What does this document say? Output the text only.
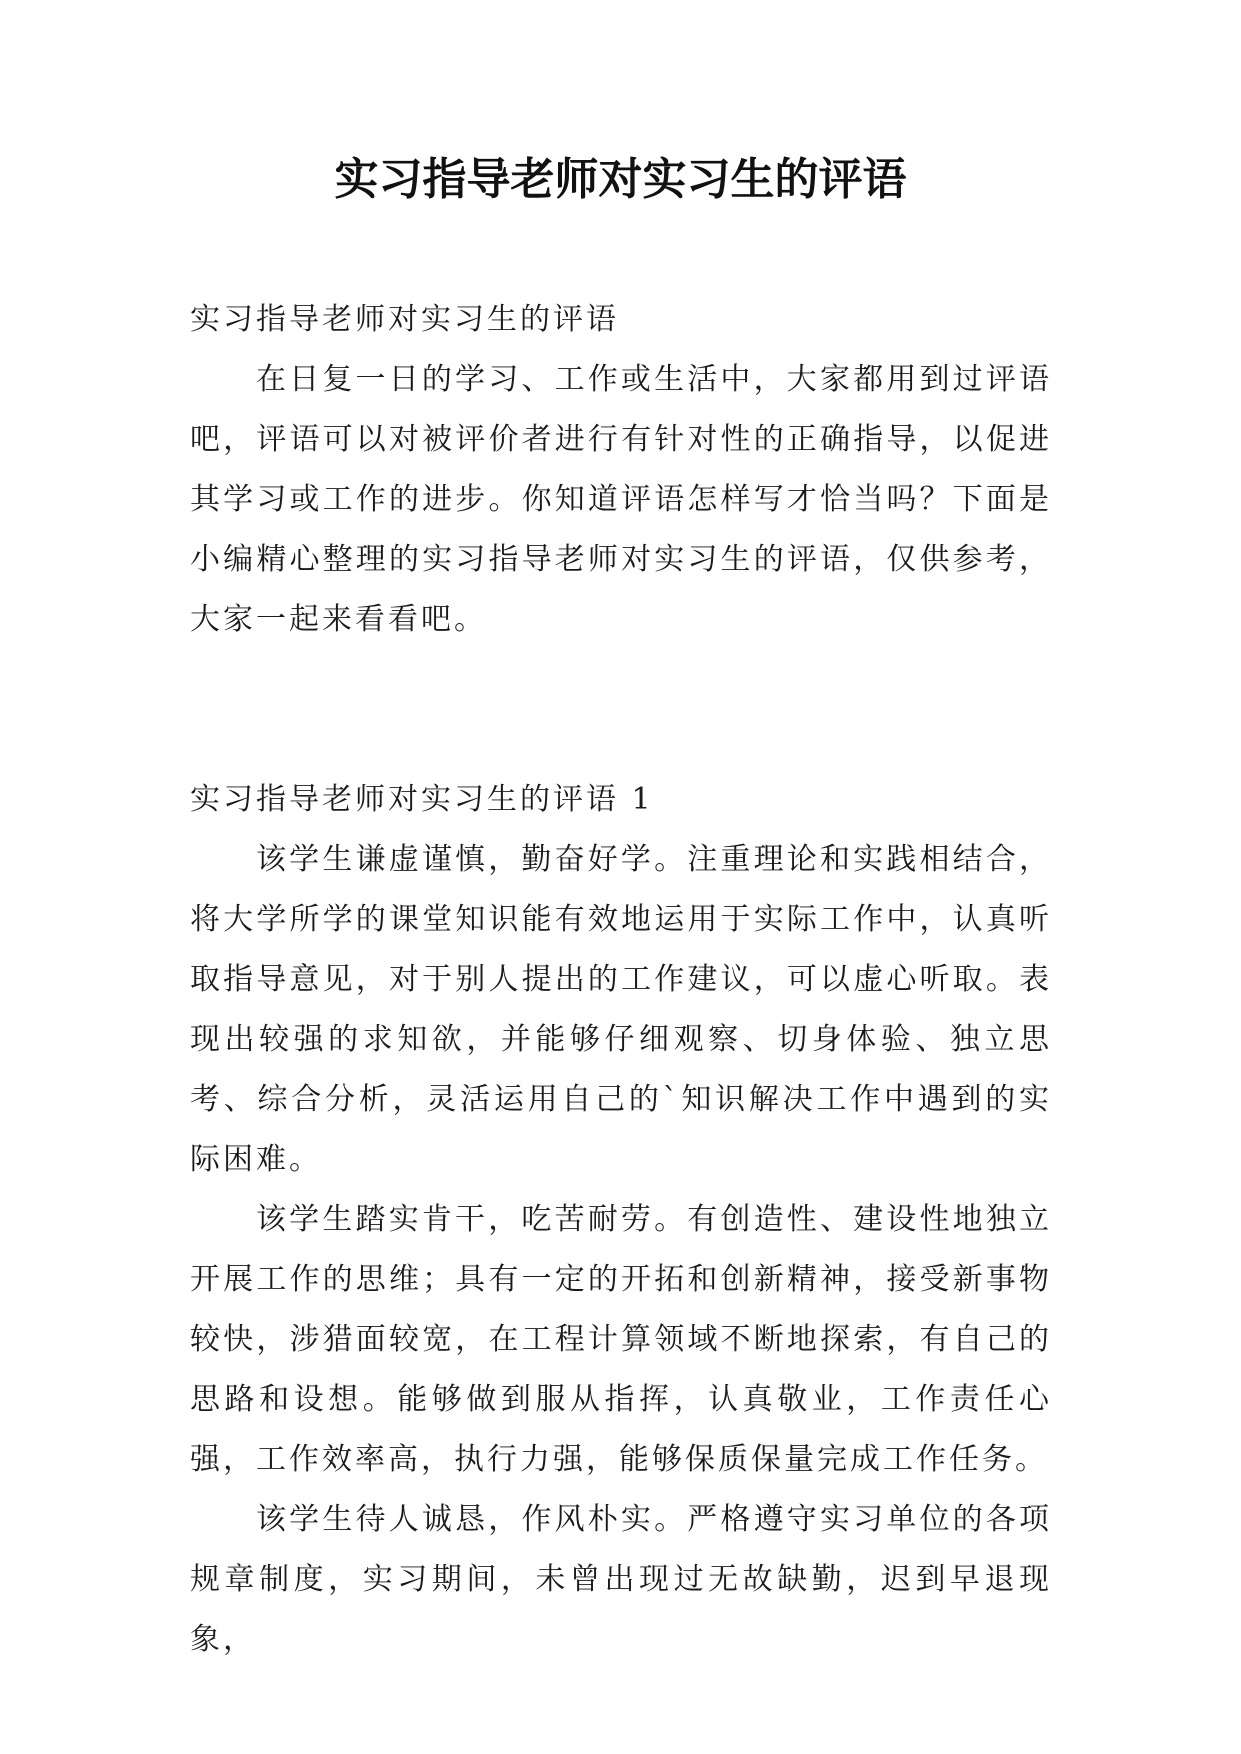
实习指导老师对实习生的评语

实习指导老师对实习生的评语

在日复一日的学习、工作或生活中，大家都用到过评语吧，评语可以对被评价者进行有针对性的正确指导，以促进其学习或工作的进步。你知道评语怎样写才恰当吗？下面是小编精心整理的实习指导老师对实习生的评语，仅供参考，大家一起来看看吧。

实习指导老师对实习生的评语 1

该学生谦虚谨慎，勤奋好学。注重理论和实践相结合，将大学所学的课堂知识能有效地运用于实际工作中，认真听取指导意见，对于别人提出的工作建议，可以虚心听取。表现出较强的求知欲，并能够仔细观察、切身体验、独立思考、综合分析，灵活运用自己的`知识解决工作中遇到的实际困难。

该学生踏实肯干，吃苦耐劳。有创造性、建设性地独立开展工作的思维；具有一定的开拓和创新精神，接受新事物较快，涉猎面较宽，在工程计算领域不断地探索，有自己的思路和设想。能够做到服从指挥，认真敬业，工作责任心强，工作效率高，执行力强，能够保质保量完成工作任务。

该学生待人诚恳，作风朴实。严格遵守实习单位的各项规章制度，实习期间，未曾出现过无故缺勤，迟到早退现象，
